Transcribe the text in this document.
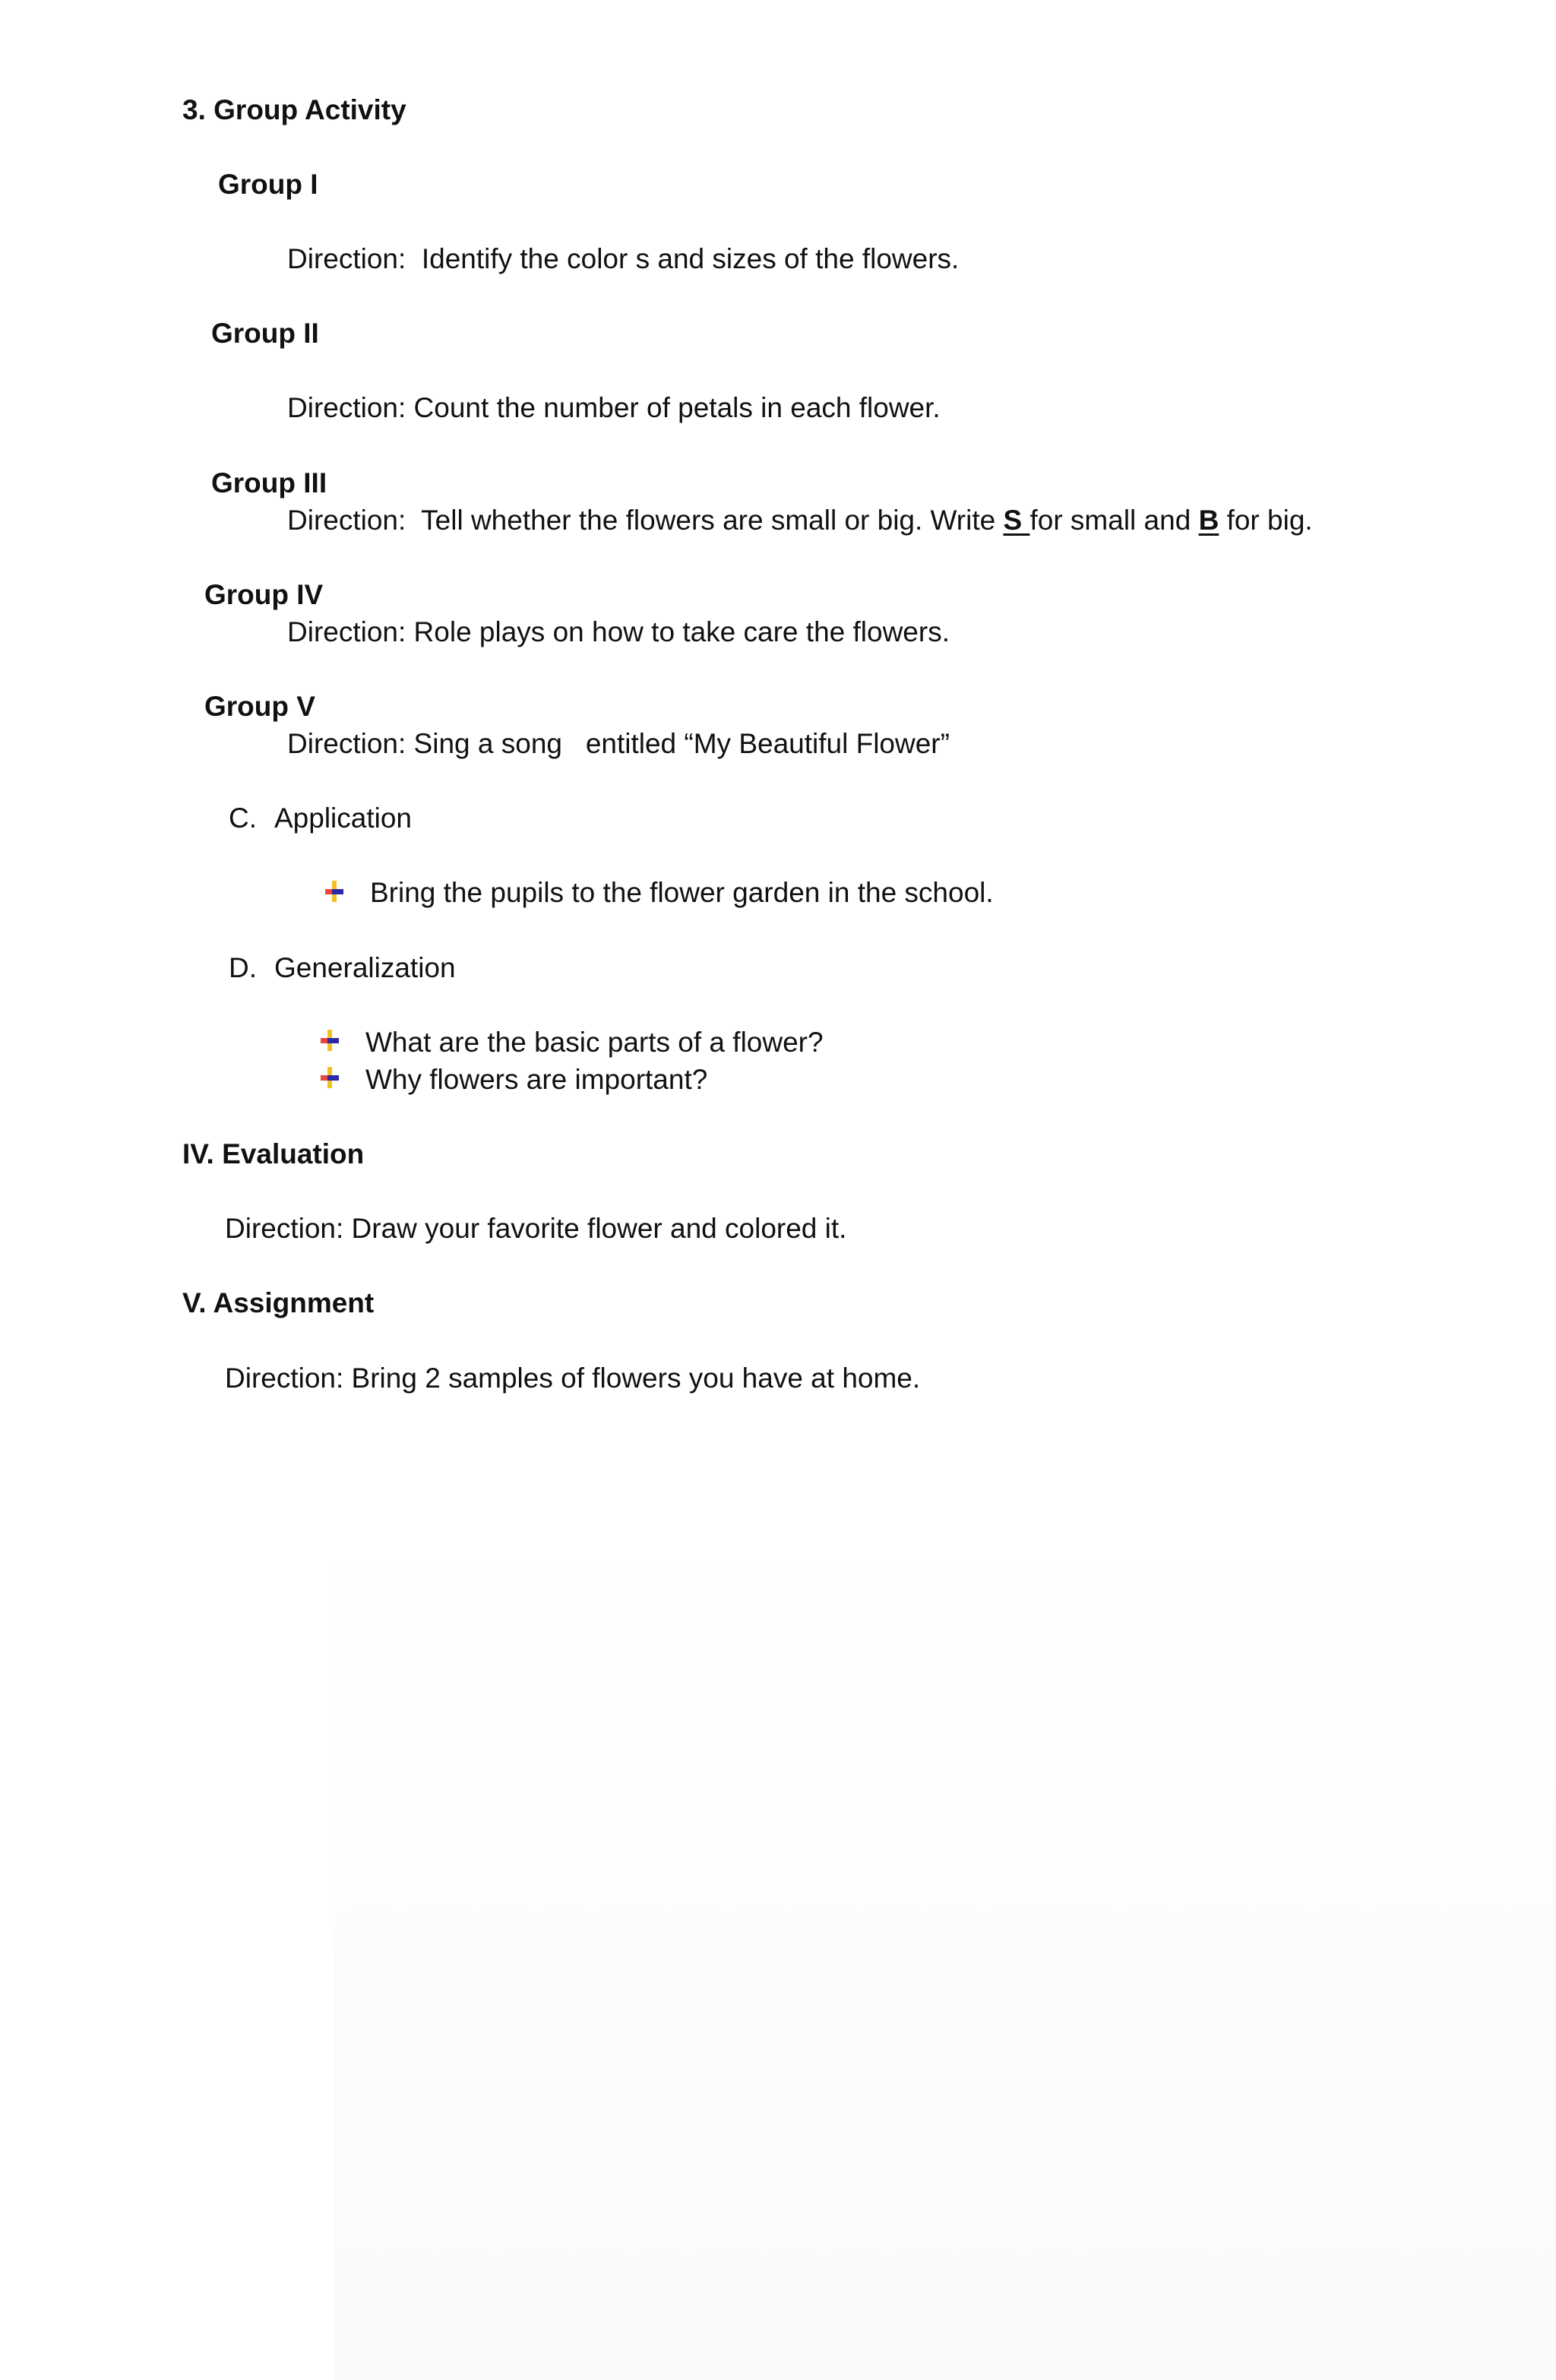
3. Group Activity
Group I
Direction:  Identify the color s and sizes of the flowers.
Group II
Direction: Count the number of petals in each flower.
Group III
Direction:  Tell whether the flowers are small or big. Write S for small and B for big.
Group IV
Direction: Role plays on how to take care the flowers.
Group V
Direction: Sing a song   entitled “My Beautiful Flower”
C. Application
Bring the pupils to the flower garden in the school.
D. Generalization
What are the basic parts of a flower?
Why flowers are important?
IV. Evaluation
Direction: Draw your favorite flower and colored it.
V. Assignment
Direction: Bring 2 samples of flowers you have at home.
